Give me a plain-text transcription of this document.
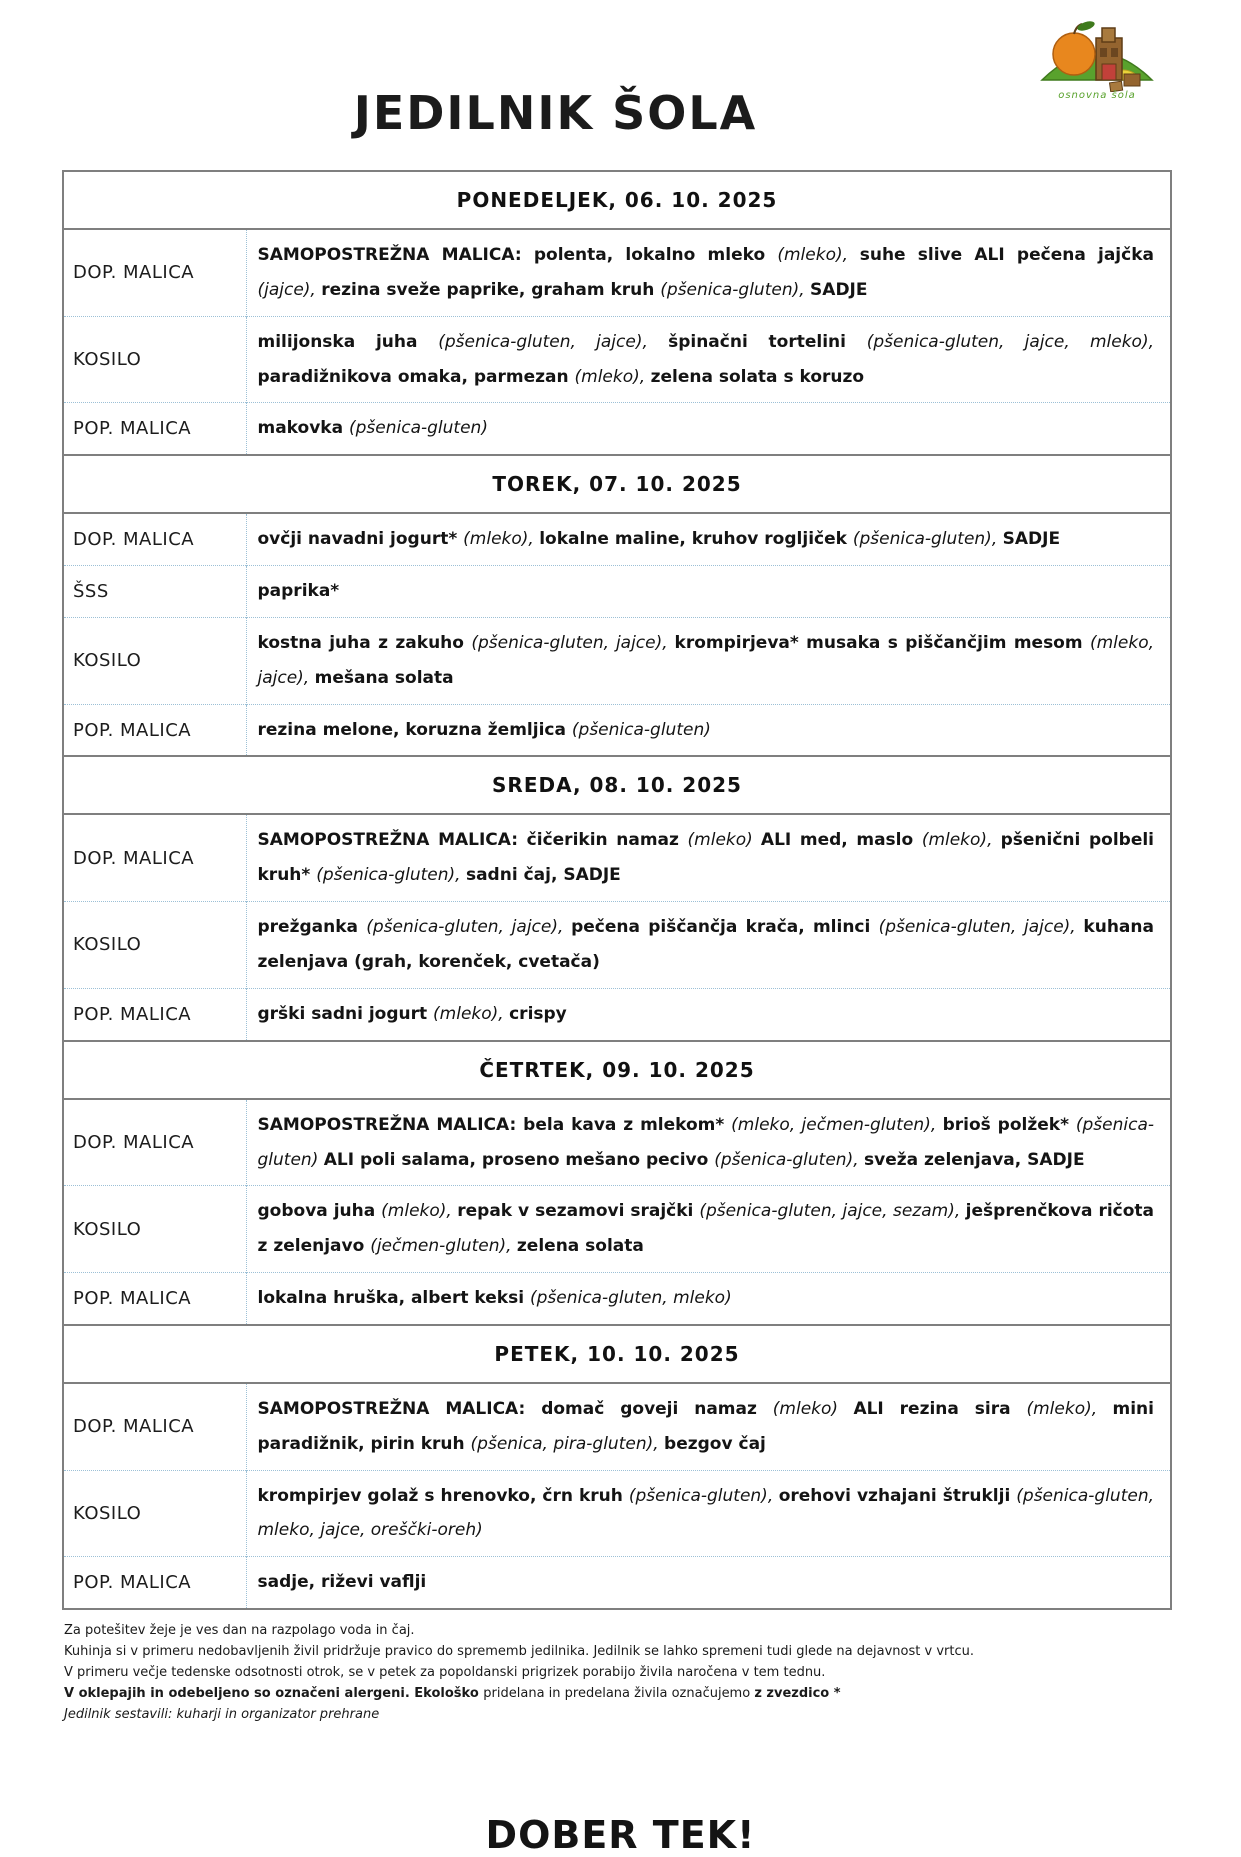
osnovna šola
JEDILNIK ŠOLA
PONEDELJEK, 06. 10. 2025	
DOP. MALICA	SAMOPOSTREŽNA MALICA: polenta, lokalno mleko (mleko), suhe slive ALI pečena jajčka (jajce), rezina sveže paprike, graham kruh (pšenica-gluten), SADJE
KOSILO	milijonska juha (pšenica-gluten, jajce), špinačni tortelini (pšenica-gluten, jajce, mleko), paradižnikova omaka, parmezan (mleko), zelena solata s koruzo
POP. MALICA	makovka (pšenica-gluten)
TOREK, 07. 10. 2025	
DOP. MALICA	ovčji navadni jogurt* (mleko), lokalne maline, kruhov rogljiček (pšenica-gluten), SADJE
ŠSS	paprika*
KOSILO	kostna juha z zakuho (pšenica-gluten, jajce), krompirjeva* musaka s piščančjim mesom (mleko, jajce), mešana solata
POP. MALICA	rezina melone, koruzna žemljica (pšenica-gluten)
SREDA, 08. 10. 2025	
DOP. MALICA	SAMOPOSTREŽNA MALICA: čičerikin namaz (mleko) ALI med, maslo (mleko), pšenični polbeli kruh* (pšenica-gluten), sadni čaj, SADJE
KOSILO	prežganka (pšenica-gluten, jajce), pečena piščančja krača, mlinci (pšenica-gluten, jajce), kuhana zelenjava (grah, korenček, cvetača)
POP. MALICA	grški sadni jogurt (mleko), crispy
ČETRTEK, 09. 10. 2025	
DOP. MALICA	SAMOPOSTREŽNA MALICA: bela kava z mlekom* (mleko, ječmen-gluten), brioš polžek* (pšenica-gluten) ALI poli salama, proseno mešano pecivo (pšenica-gluten), sveža zelenjava, SADJE
KOSILO	gobova juha (mleko), repak v sezamovi srajčki (pšenica-gluten, jajce, sezam), ješprenčkova ričota z zelenjavo (ječmen-gluten), zelena solata
POP. MALICA	lokalna hruška, albert keksi (pšenica-gluten, mleko)
PETEK, 10. 10. 2025	
DOP. MALICA	SAMOPOSTREŽNA MALICA: domač goveji namaz (mleko) ALI rezina sira (mleko), mini paradižnik, pirin kruh (pšenica, pira-gluten), bezgov čaj
KOSILO	krompirjev golaž s hrenovko, črn kruh (pšenica-gluten), orehovi vzhajani štruklji (pšenica-gluten, mleko, jajce, oreščki-oreh)
POP. MALICA	sadje, riževi vaflji
Za potešitev žeje je ves dan na razpolago voda in čaj.
Kuhinja si v primeru nedobavljenih živil pridržuje pravico do sprememb jedilnika. Jedilnik se lahko spremeni tudi glede na dejavnost v vrtcu.
V primeru večje tedenske odsotnosti otrok, se v petek za popoldanski prigrizek porabijo živila naročena v tem tednu.
V oklepajih in odebeljeno so označeni alergeni. Ekološko pridelana in predelana živila označujemo z zvezdico *
Jedilnik sestavili: kuharji in organizator prehrane
DOBER TEK!
